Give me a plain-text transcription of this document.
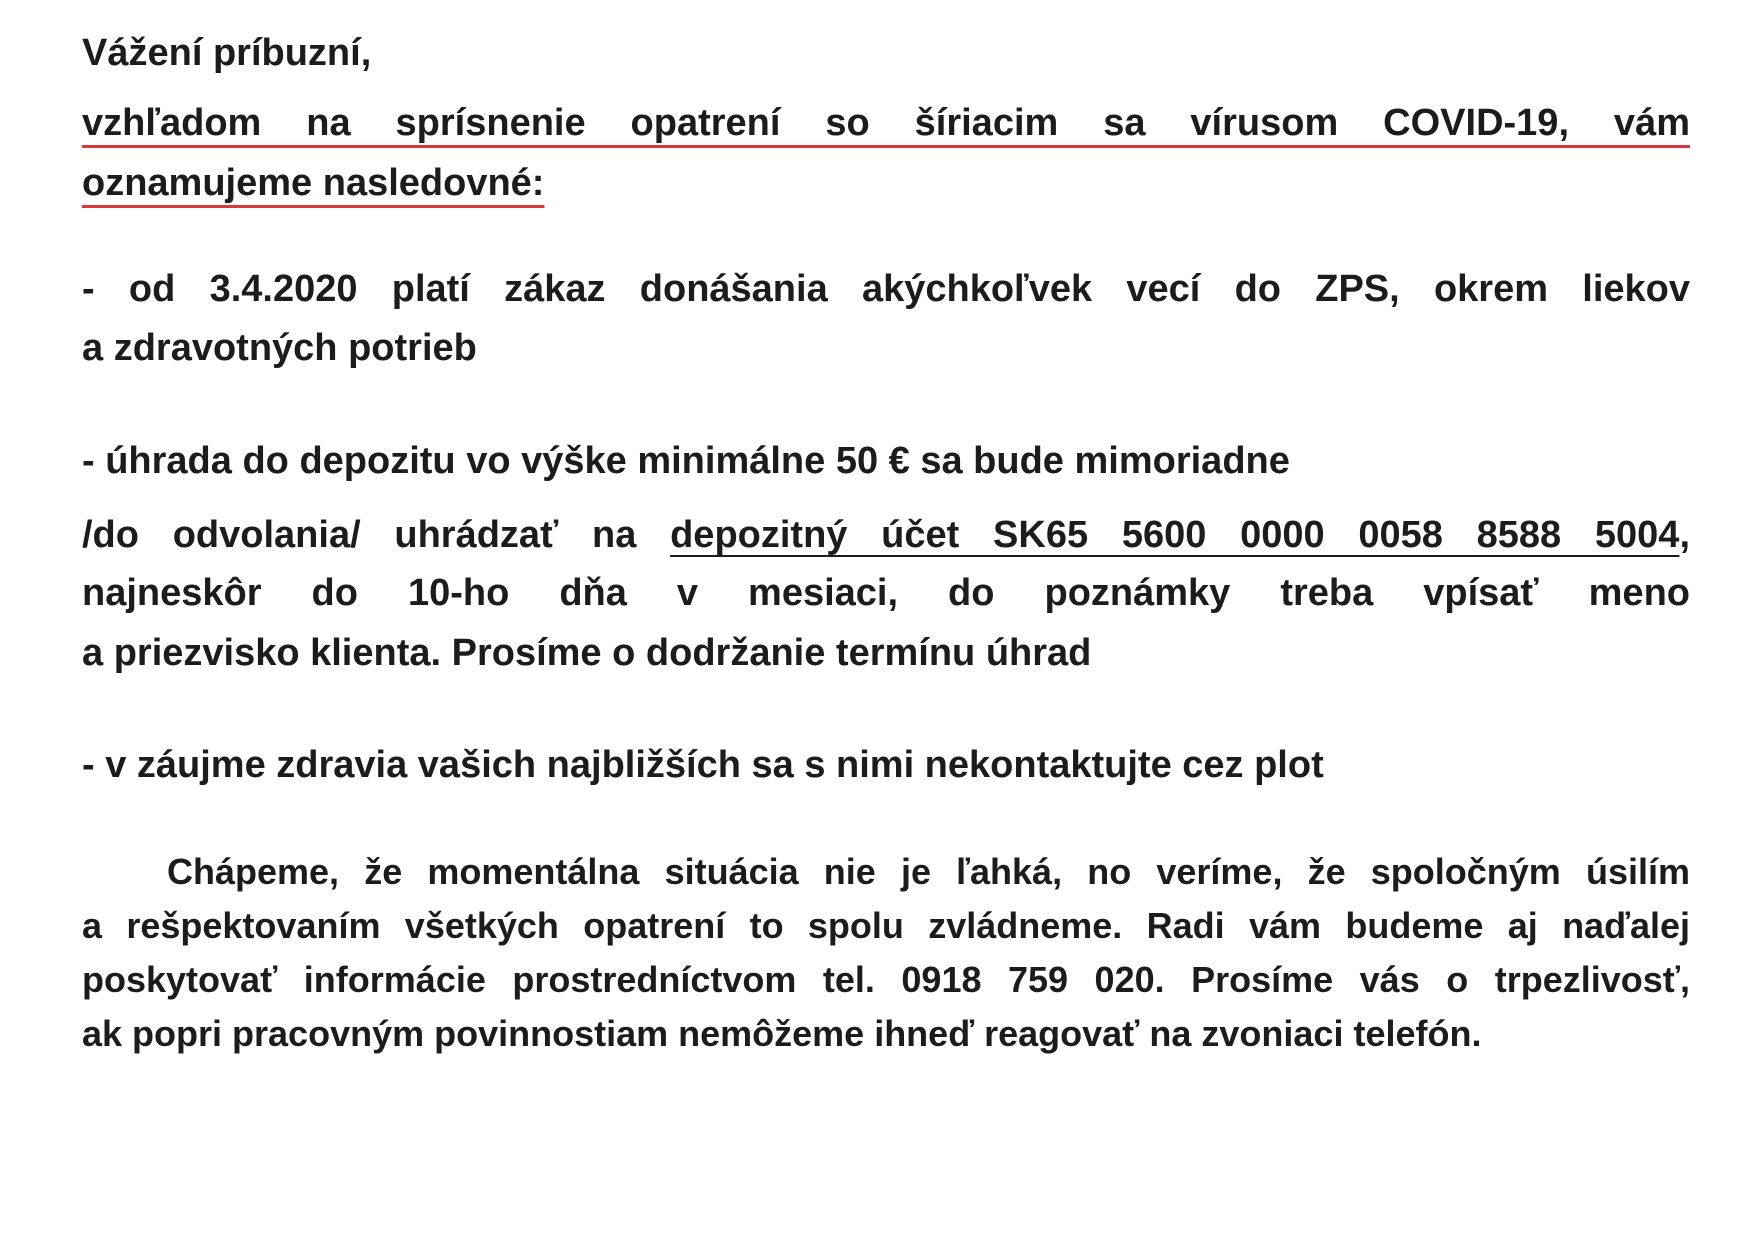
Vážení príbuzní,
vzhľadom na sprísnenie opatrení so šíriacim sa vírusom COVID-19, vám
oznamujeme nasledovné:
- od 3.4.2020 platí zákaz donášania akýchkoľvek vecí do ZPS, okrem liekov
a zdravotných potrieb
- úhrada do depozitu vo výške minimálne 50 € sa bude mimoriadne
/do odvolania/ uhrádzať na depozitný účet SK65 5600 0000 0058 8588 5004,
najneskôr do 10-ho dňa v mesiaci, do poznámky treba vpísať meno
a priezvisko klienta. Prosíme o dodržanie termínu úhrad
- v záujme zdravia vašich najbližších sa s nimi nekontaktujte cez plot
Chápeme, že momentálna situácia nie je ľahká, no veríme, že spoločným úsilím
a rešpektovaním všetkých opatrení to spolu zvládneme. Radi vám budeme aj naďalej
poskytovať informácie prostredníctvom tel. 0918 759 020. Prosíme vás o trpezlivosť,
ak popri pracovným povinnostiam nemôžeme ihneď reagovať na zvoniaci telefón.
